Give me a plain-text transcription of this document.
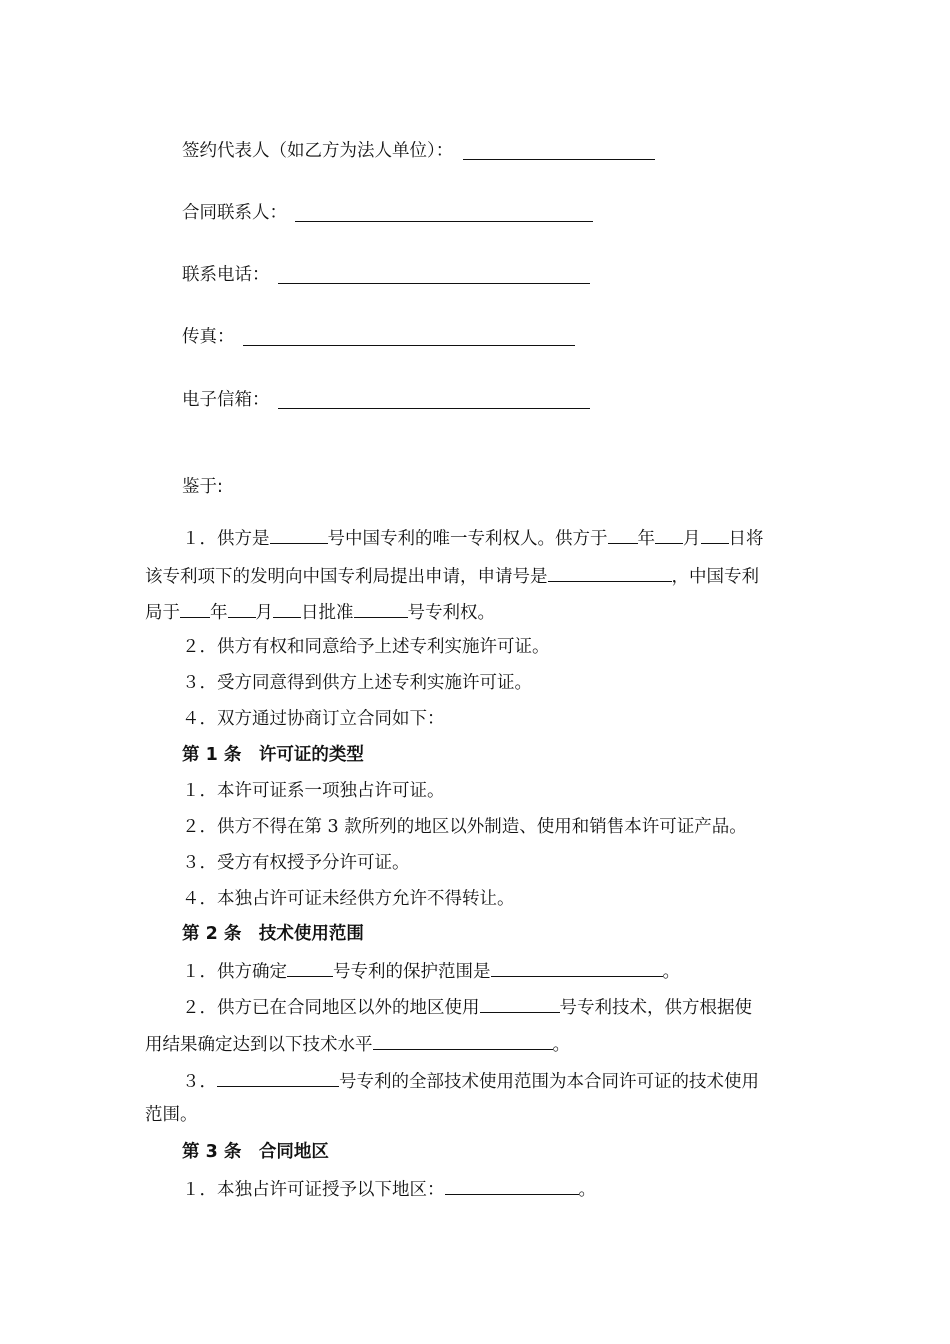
签约代表人（如乙方为法人单位）：
合同联系人：
联系电话：
传真：
电子信箱：
鉴于:
１．供方是	号中国专利的唯一专利权人。供方于 年 月 日将
该专利项下的发明向中国专利局提出申请，申请号是	，中国专利
局于 年 月 日批准	号专利权。
２．供方有权和同意给予上述专利实施许可证。
３．受方同意得到供方上述专利实施许可证。
４．双方通过协商订立合同如下：
第 1 条　许可证的类型
１．本许可证系一项独占许可证。
２．供方不得在第 3 款所列的地区以外制造、使用和销售本许可证产品。
３．受方有权授予分许可证。
４．本独占许可证未经供方允许不得转让。
第 2 条　技术使用范围
１．供方确定	号专利的保护范围是	。
２．供方已在合同地区以外的地区使用	号专利技术，供方根据使
用结果确定达到以下技术水平	。
３．	号专利的全部技术使用范围为本合同许可证的技术使用
范围。
第 3 条　合同地区
１．本独占许可证授予以下地区：	。
